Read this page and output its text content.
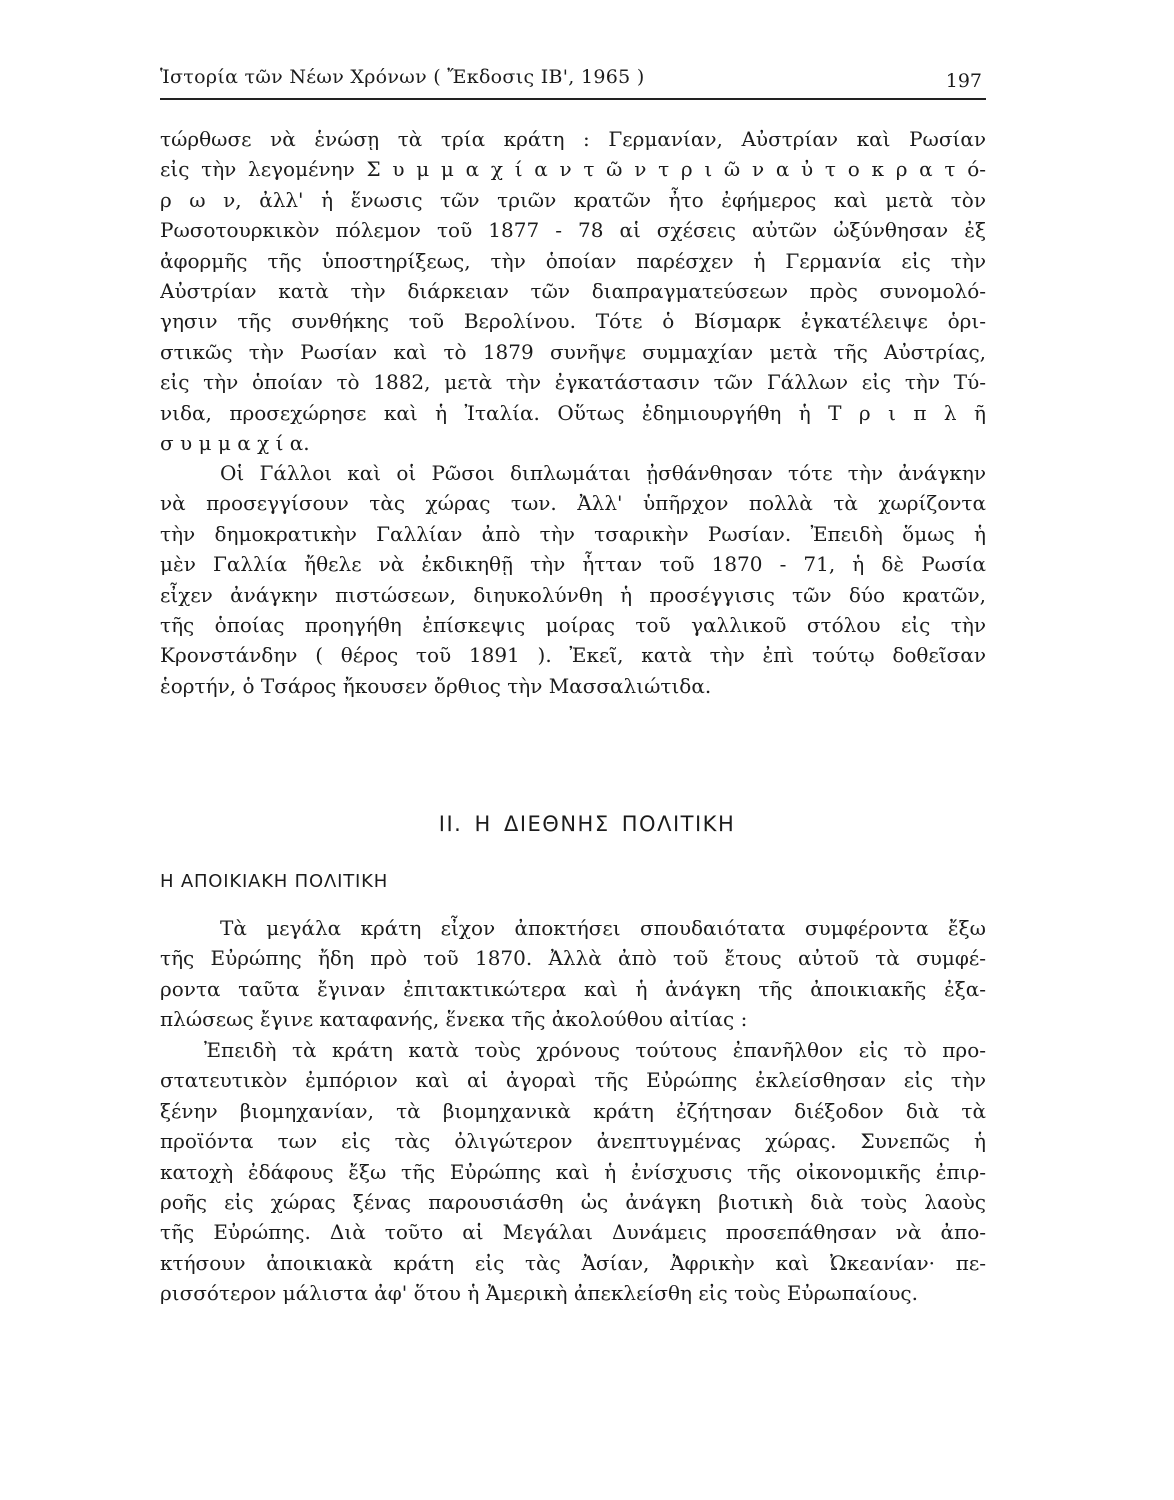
Ἱστορία τῶν Νέων Χρόνων ( Ἔκδοσις ΙΒ', 1965 )	197
τώρθωσε νὰ ἑνώσῃ τὰ τρία κράτη : Γερμανίαν, Αὐστρίαν καὶ Ρωσίαν
εἰς τὴν λεγομένην Σ υ μ μ α χ ί α ν τ ῶ ν τ ρ ι ῶ ν α ὐ τ ο κ ρ α τ ό-
ρ ω ν, ἀλλ' ἡ ἕνωσις τῶν τριῶν κρατῶν ἦτο ἐφήμερος καὶ μετὰ τὸν
Ρωσοτουρκικὸν πόλεμον τοῦ 1877 - 78 αἱ σχέσεις αὐτῶν ὠξύνθησαν ἐξ
ἀφορμῆς τῆς ὑποστηρίξεως, τὴν ὁποίαν παρέσχεν ἡ Γερμανία εἰς τὴν
Αὐστρίαν κατὰ τὴν διάρκειαν τῶν διαπραγματεύσεων πρὸς συνομολό-
γησιν τῆς συνθήκης τοῦ Βερολίνου. Τότε ὁ Βίσμαρκ ἐγκατέλειψε ὁρι-
στικῶς τὴν Ρωσίαν καὶ τὸ 1879 συνῆψε συμμαχίαν μετὰ τῆς Αὐστρίας,
εἰς τὴν ὁποίαν τὸ 1882, μετὰ τὴν ἐγκατάστασιν τῶν Γάλλων εἰς τὴν Τύ-
νιδα, προσεχώρησε καὶ ἡ Ἰταλία. Οὕτως ἐδημιουργήθη ἡ Τ ρ ι π λ ῆ
σ υ μ μ α χ ί α.
Οἱ Γάλλοι καὶ οἱ Ρῶσοι διπλωμάται ᾐσθάνθησαν τότε τὴν ἀνάγκην
νὰ προσεγγίσουν τὰς χώρας των. Ἀλλ' ὑπῆρχον πολλὰ τὰ χωρίζοντα
τὴν δημοκρατικὴν Γαλλίαν ἀπὸ τὴν τσαρικὴν Ρωσίαν. Ἐπειδὴ ὅμως ἡ
μὲν Γαλλία ἤθελε νὰ ἐκδικηθῇ τὴν ἧτταν τοῦ 1870 - 71, ἡ δὲ Ρωσία
εἶχεν ἀνάγκην πιστώσεων, διηυκολύνθη ἡ προσέγγισις τῶν δύο κρατῶν,
τῆς ὁποίας προηγήθη ἐπίσκεψις μοίρας τοῦ γαλλικοῦ στόλου εἰς τὴν
Κρονστάνδην ( θέρος τοῦ 1891 ). Ἐκεῖ, κατὰ τὴν ἐπὶ τούτῳ δοθεῖσαν
ἑορτήν, ὁ Τσάρος ἤκουσεν ὄρθιος τὴν Μασσαλιώτιδα.
ΙΙ. Η ΔΙΕΘΝΗΣ ΠΟΛΙΤΙΚΗ
Η ΑΠΟΙΚΙΑΚΗ ΠΟΛΙΤΙΚΗ
Τὰ μεγάλα κράτη εἶχον ἀποκτήσει σπουδαιότατα συμφέροντα ἔξω
τῆς Εὐρώπης ἤδη πρὸ τοῦ 1870. Ἀλλὰ ἀπὸ τοῦ ἔτους αὐτοῦ τὰ συμφέ-
ροντα ταῦτα ἔγιναν ἐπιτακτικώτερα καὶ ἡ ἀνάγκη τῆς ἀποικιακῆς ἐξα-
πλώσεως ἔγινε καταφανής, ἕνεκα τῆς ἀκολούθου αἰτίας :
Ἐπειδὴ τὰ κράτη κατὰ τοὺς χρόνους τούτους ἐπανῆλθον εἰς τὸ προ-
στατευτικὸν ἐμπόριον καὶ αἱ ἀγοραὶ τῆς Εὐρώπης ἐκλείσθησαν εἰς τὴν
ξένην βιομηχανίαν, τὰ βιομηχανικὰ κράτη ἐζήτησαν διέξοδον διὰ τὰ
προϊόντα των εἰς τὰς ὀλιγώτερον ἀνεπτυγμένας χώρας. Συνεπῶς ἡ
κατοχὴ ἐδάφους ἔξω τῆς Εὐρώπης καὶ ἡ ἐνίσχυσις τῆς οἰκονομικῆς ἐπιρ-
ροῆς εἰς χώρας ξένας παρουσιάσθη ὡς ἀνάγκη βιοτικὴ διὰ τοὺς λαοὺς
τῆς Εὐρώπης. Διὰ τοῦτο αἱ Μεγάλαι Δυνάμεις προσεπάθησαν νὰ ἀπο-
κτήσουν ἀποικιακὰ κράτη εἰς τὰς Ἀσίαν, Ἀφρικὴν καὶ Ὠκεανίαν· πε-
ρισσότερον μάλιστα ἀφ' ὅτου ἡ Ἀμερικὴ ἀπεκλείσθη εἰς τοὺς Εὐρωπαίους.
